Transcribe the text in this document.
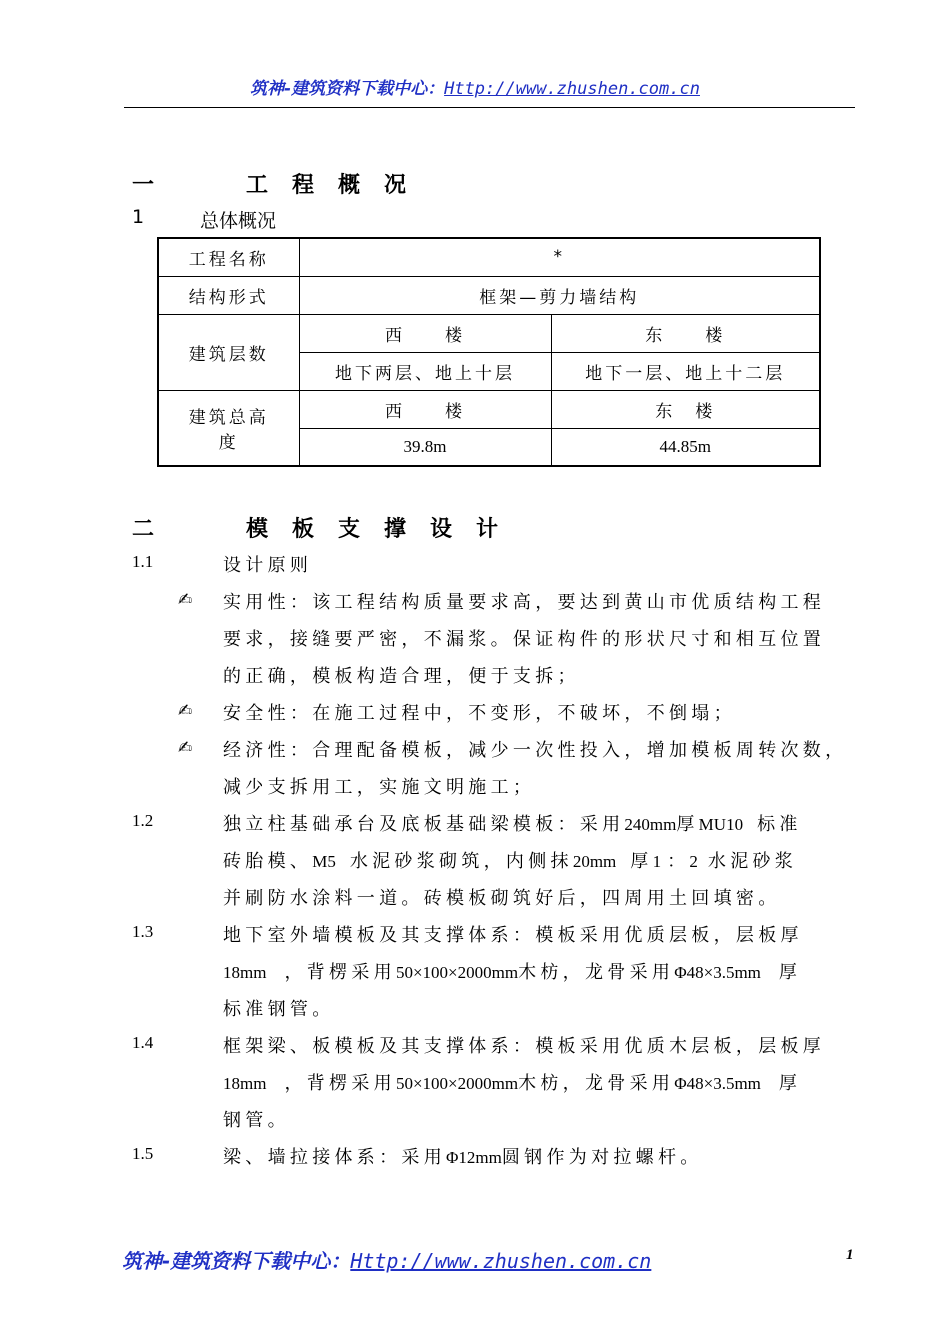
筑神-建筑资料下载中心：Http://www.zhushen.com.cn
一	工程概况
1	总体概况
工程名称	*	
结构形式	框架—剪力墙结构	
建筑层数	西　　楼	东　　楼
	地下两层、地上十层	地下一层、地上十二层

建筑总高
度	西　　楼	东　楼
	39.8m	44.85m
二	模板支撑设计
1.1	设计原则
✍ 实用性：该工程结构质量要求高，要达到黄山市优质结构工程
要求，接缝要严密，不漏浆。保证构件的形状尺寸和相互位置
的正确，模板构造合理，便于支拆；
✍ 安全性：在施工过程中，不变形，不破坏，不倒塌；
✍ 经济性：合理配备模板，减少一次性投入，增加模板周转次数，
减少支拆用工，实施文明施工；
1.2	独立柱基础承台及底板基础梁模板：采用240mm厚MU10 标准
砖胎模、M5 水泥砂浆砌筑，内侧抹20mm 厚1 ：2 水泥砂浆
并刷防水涂料一道。砖模板砌筑好后，四周用土回填密。
1.3	地下室外墙模板及其支撑体系：模板采用优质层板，层板厚
18mm ，背楞采用50×100×2000mm木枋，龙骨采用Φ48×3.5mm 厚
标准钢管。
1.4	框架梁、板模板及其支撑体系：模板采用优质木层板，层板厚
18mm ，背楞采用50×100×2000mm木枋，龙骨采用Φ48×3.5mm 厚
钢管。
1.5	梁、墙拉接体系：采用Φ12mm圆钢作为对拉螺杆。
筑神-建筑资料下载中心：Http://www.zhushen.com.cn	1
